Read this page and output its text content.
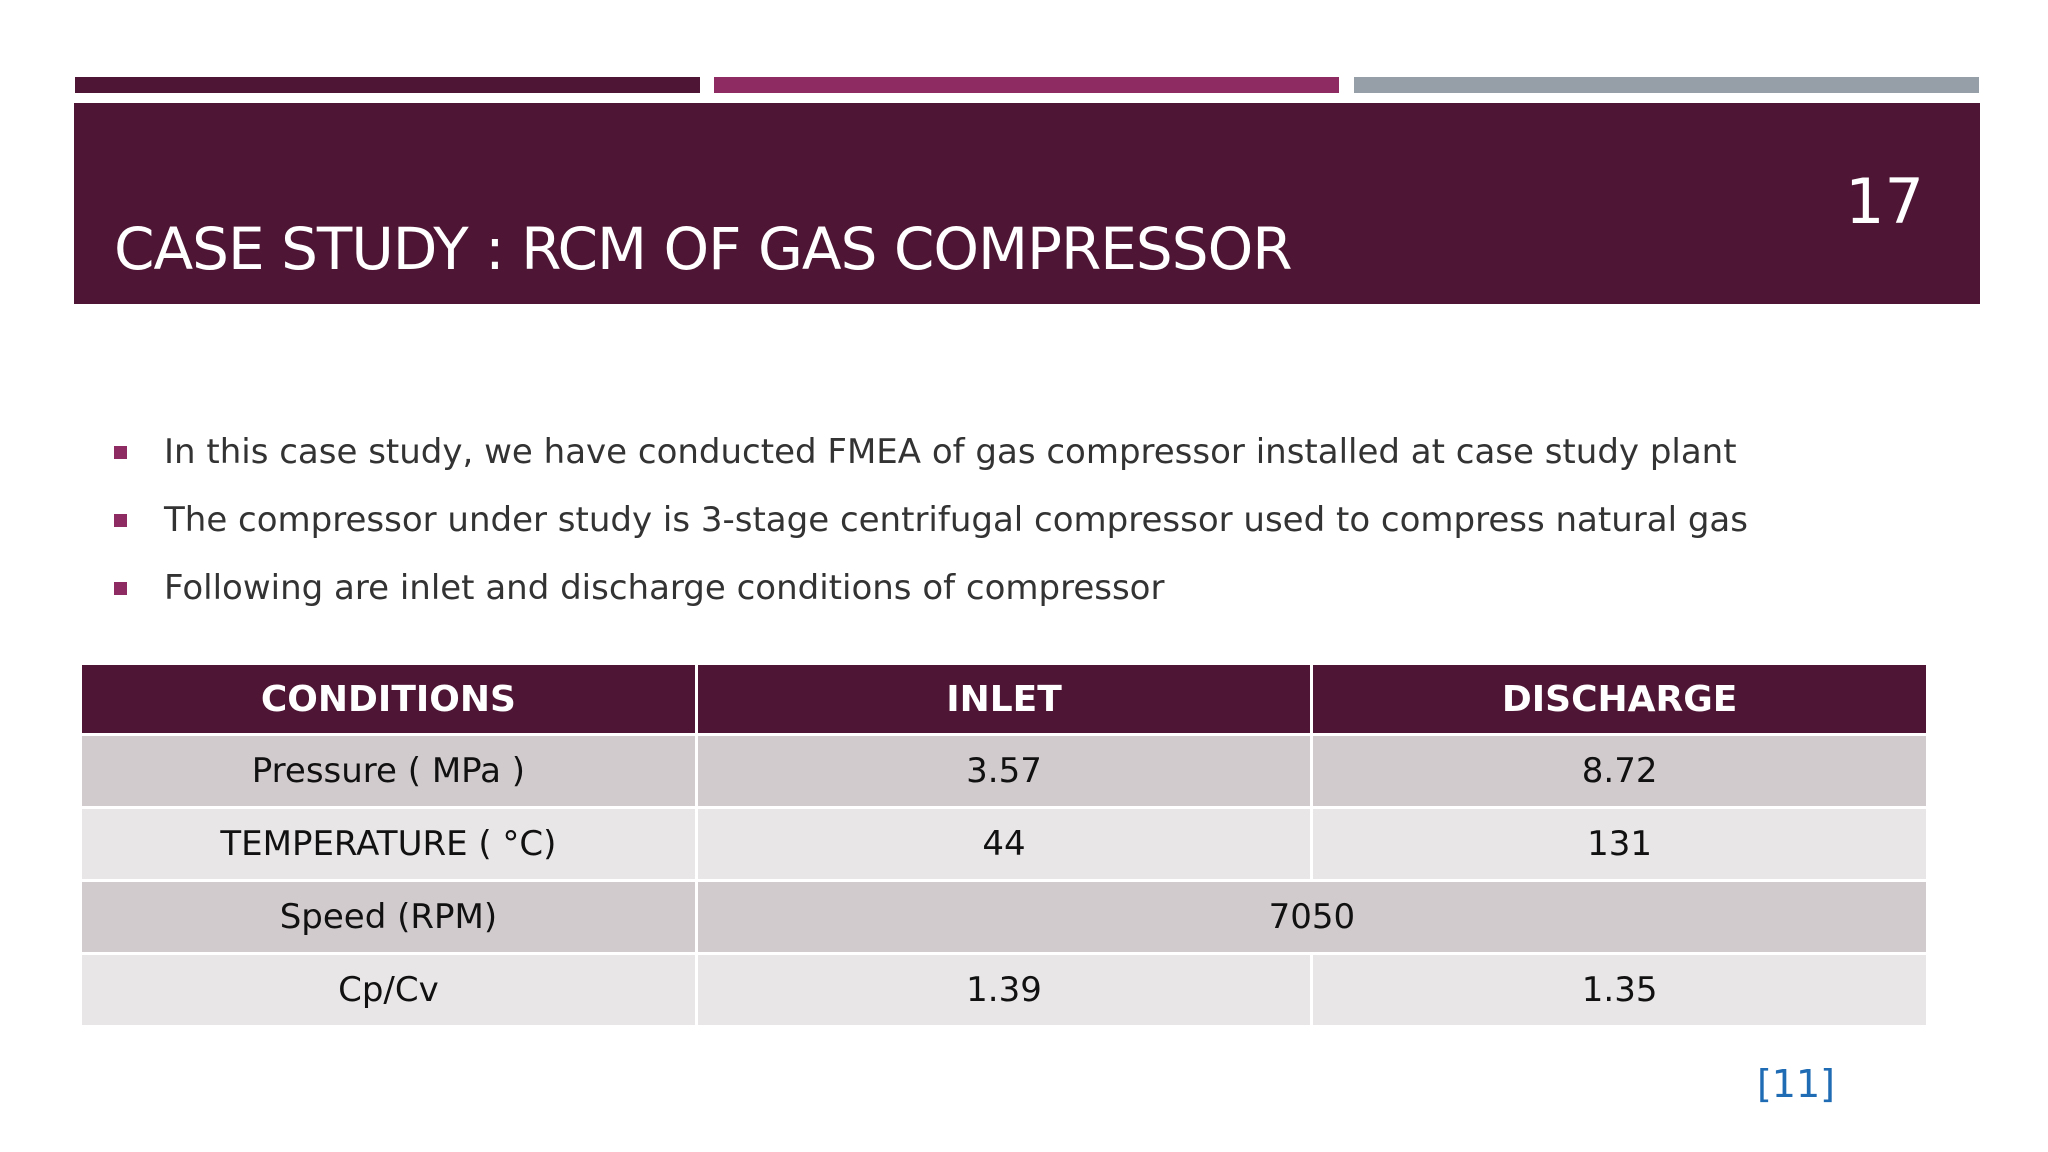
CASE STUDY : RCM OF GAS COMPRESSOR
17
In this case study, we have conducted FMEA of gas compressor installed at case study plant
The compressor under study is 3-stage centrifugal compressor used to compress natural gas
Following are inlet and discharge conditions of compressor
CONDITIONS	INLET	DISCHARGE
Pressure ( MPa )	3.57	8.72
TEMPERATURE ( °C)	44	131
Speed (RPM)	7050	
Cp/Cv	1.39	1.35
[11]
